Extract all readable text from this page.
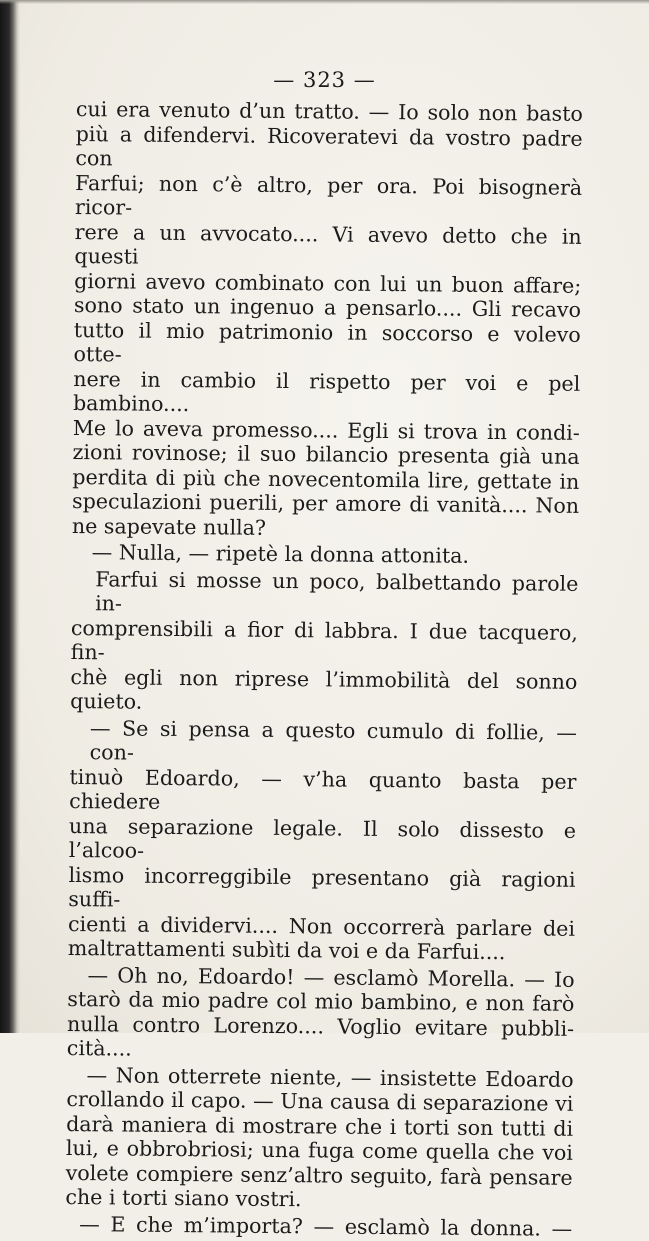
— 323 —

cui era venuto d’un tratto. — Io solo non basto

più a difendervi. Ricoveratevi da vostro padre con

Farfui; non c’è altro, per ora. Poi bisognerà ricor-

rere a un avvocato.... Vi avevo detto che in questi

giorni avevo combinato con lui un buon affare;

sono stato un ingenuo a pensarlo.... Gli recavo

tutto il mio patrimonio in soccorso e volevo otte-

nere in cambio il rispetto per voi e pel bambino....

Me lo aveva promesso.... Egli si trova in condi-

zioni rovinose; il suo bilancio presenta già una

perdita di più che novecentomila lire, gettate in

speculazioni puerili, per amore di vanità.... Non

ne sapevate nulla?

— Nulla, — ripetè la donna attonita.

Farfui si mosse un poco, balbettando parole in-

comprensibili a fior di labbra. I due tacquero, fin-

chè egli non riprese l’immobilità del sonno quieto.

— Se si pensa a questo cumulo di follie, — con-

tinuò Edoardo, — v’ha quanto basta per chiedere

una separazione legale. Il solo dissesto e l’alcoo-

lismo incorreggibile presentano già ragioni suffi-

cienti a dividervi.... Non occorrerà parlare dei

maltrattamenti subìti da voi e da Farfui....

— Oh no, Edoardo! — esclamò Morella. — Io

starò da mio padre col mio bambino, e non farò

nulla contro Lorenzo.... Voglio evitare pubbli-

cità....

— Non otterrete niente, — insistette Edoardo

crollando il capo. — Una causa di separazione vi

darà maniera di mostrare che i torti son tutti di

lui, e obbrobriosi; una fuga come quella che voi

volete compiere senz’altro seguito, farà pensare

che i torti siano vostri.

— E che m’importa? — esclamò la donna. —
